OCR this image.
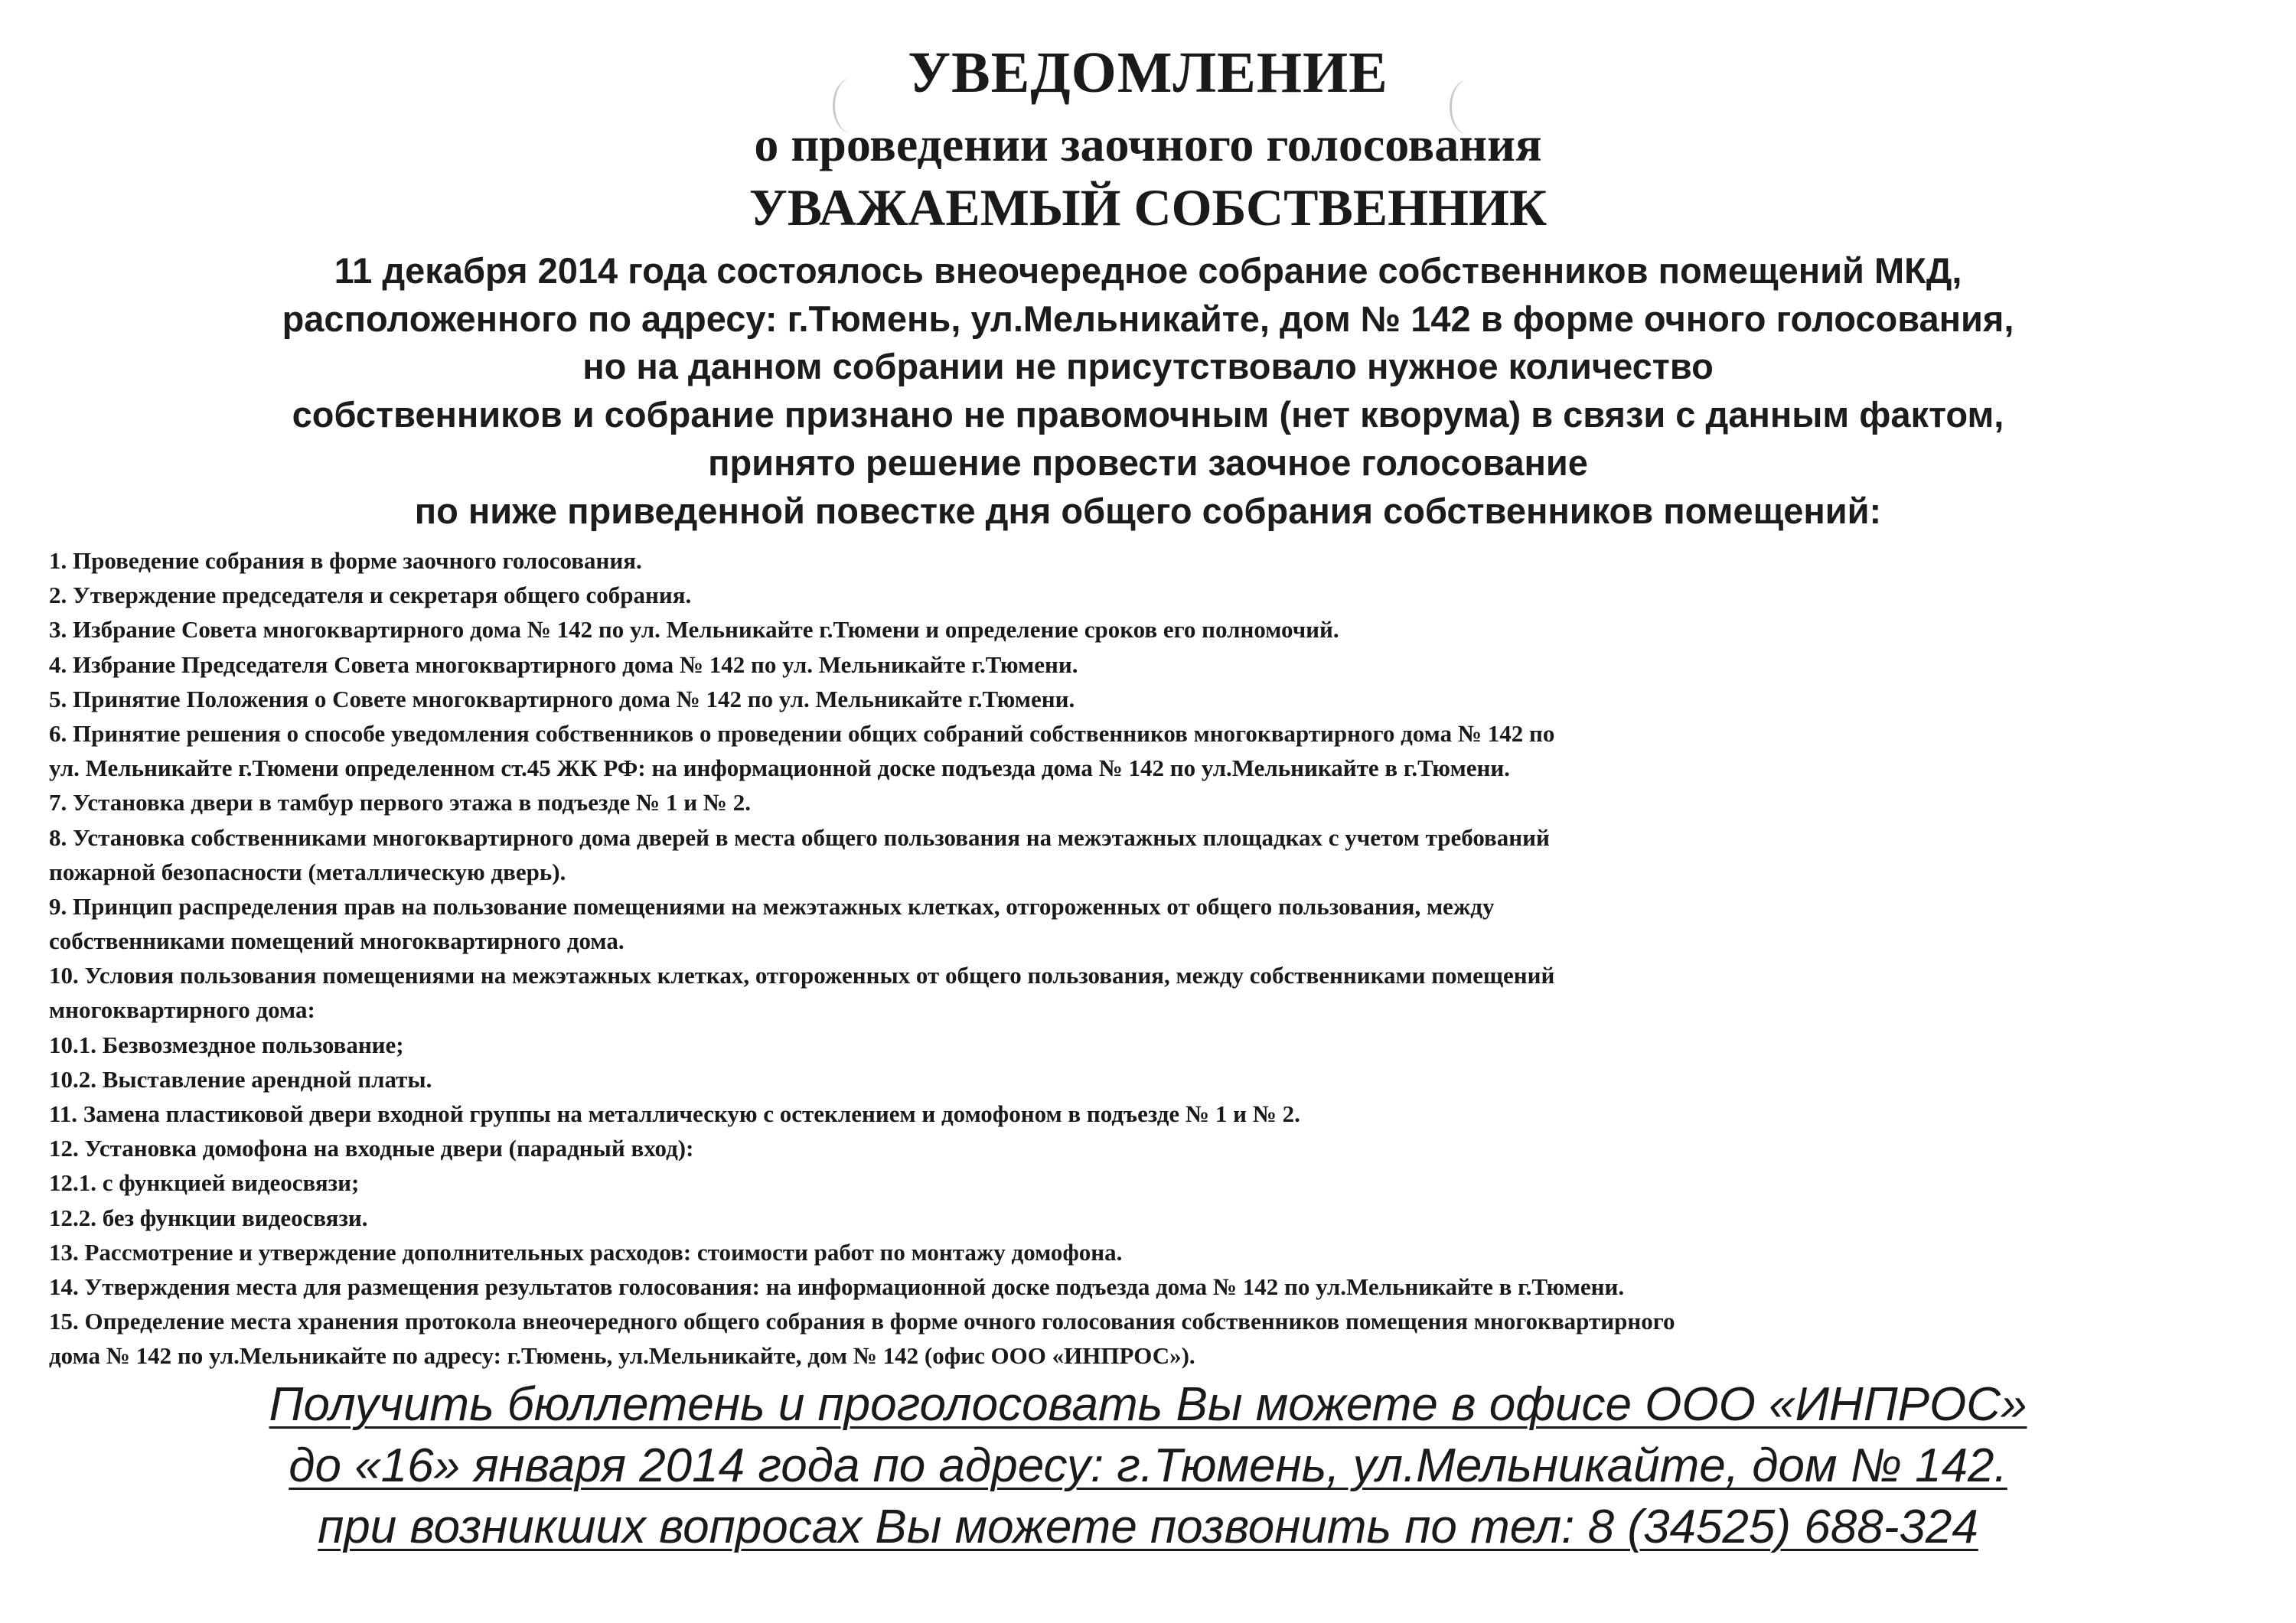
УВЕДОМЛЕНИЕ
о проведении заочного голосования
УВАЖАЕМЫЙ СОБСТВЕННИК
11 декабря 2014 года состоялось внеочередное собрание собственников помещений МКД,
расположенного по адресу: г.Тюмень, ул.Мельникайте, дом № 142 в форме очного голосования,
но на данном собрании не присутствовало нужное количество
собственников и собрание признано не правомочным (нет кворума) в связи с данным фактом,
принято решение провести заочное голосование
по ниже приведенной повестке дня общего собрания собственников помещений:
1. Проведение собрания в форме заочного голосования.
2. Утверждение председателя и секретаря общего собрания.
3. Избрание Совета многоквартирного дома № 142 по ул. Мельникайте г.Тюмени и определение сроков его полномочий.
4. Избрание Председателя Совета многоквартирного дома № 142 по ул. Мельникайте г.Тюмени.
5. Принятие Положения о Совете многоквартирного дома № 142 по ул. Мельникайте г.Тюмени.
6. Принятие решения о способе уведомления собственников о проведении общих собраний собственников многоквартирного дома № 142 по
ул. Мельникайте г.Тюмени определенном ст.45 ЖК РФ: на информационной доске подъезда дома № 142 по ул.Мельникайте в г.Тюмени.
7. Установка двери в тамбур первого этажа в подъезде № 1 и № 2.
8. Установка собственниками многоквартирного дома дверей в места общего пользования на межэтажных площадках с учетом требований
пожарной безопасности (металлическую дверь).
9. Принцип распределения прав на пользование помещениями на межэтажных клетках, отгороженных от общего пользования, между
собственниками помещений многоквартирного дома.
10. Условия пользования помещениями на межэтажных клетках, отгороженных от общего пользования, между собственниками помещений
многоквартирного дома:
10.1. Безвозмездное пользование;
10.2. Выставление арендной платы.
11. Замена пластиковой двери входной группы на металлическую с остеклением и домофоном в подъезде № 1 и № 2.
12. Установка домофона на входные двери (парадный вход):
12.1. с функцией видеосвязи;
12.2. без функции видеосвязи.
13. Рассмотрение и утверждение дополнительных расходов: стоимости работ по монтажу домофона.
14. Утверждения места для размещения результатов голосования: на информационной доске подъезда дома № 142 по ул.Мельникайте в г.Тюмени.
15. Определение места хранения протокола внеочередного общего собрания в форме очного голосования собственников помещения многоквартирного
дома № 142 по ул.Мельникайте по адресу: г.Тюмень, ул.Мельникайте, дом № 142 (офис ООО «ИНПРОС»).
Получить бюллетень и проголосовать Вы можете в офисе ООО «ИНПРОС»
до «16» января 2014 года по адресу: г.Тюмень, ул.Мельникайте, дом № 142.
при возникших вопросах Вы можете позвонить по тел: 8 (34525) 688-324
